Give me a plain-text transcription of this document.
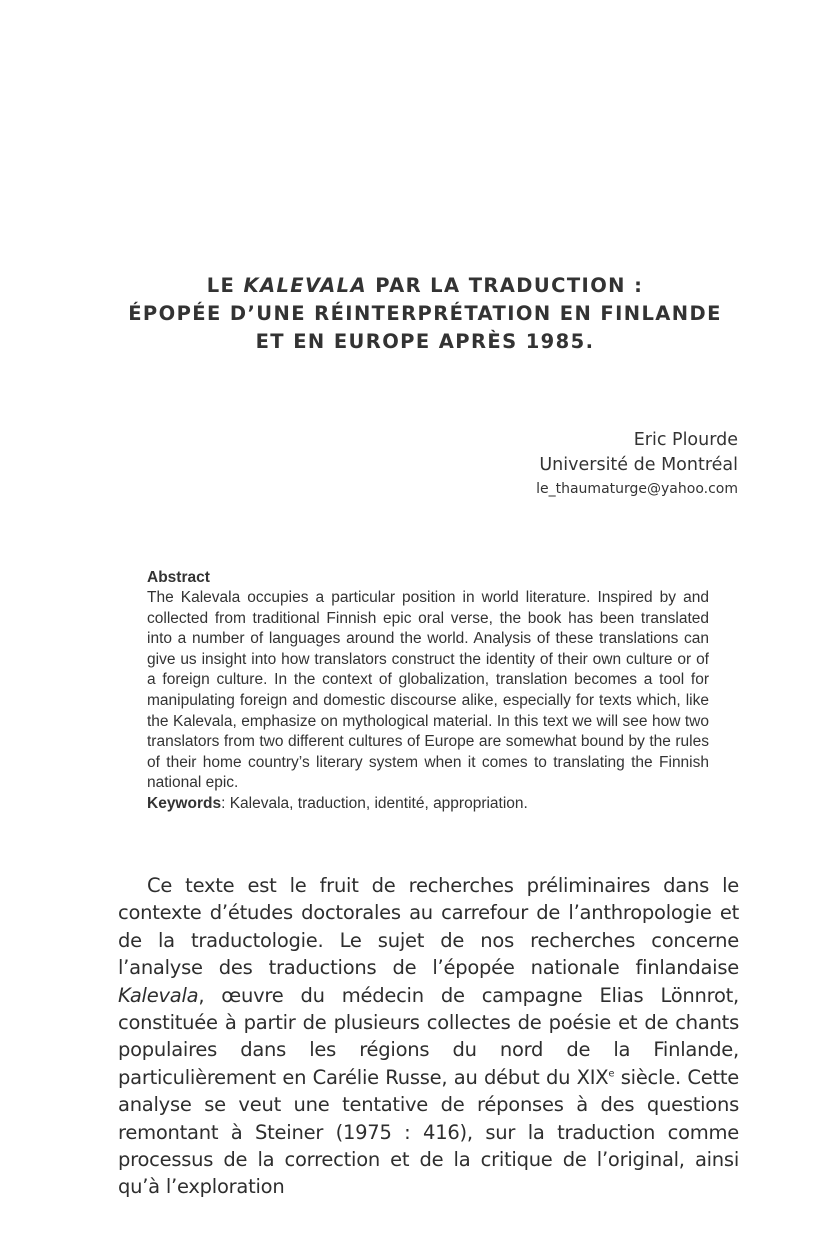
LE KALEVALA PAR LA TRADUCTION :
ÉPOPÉE D’UNE RÉINTERPRÉTATION EN FINLANDE
ET EN EUROPE APRÈS 1985.
Eric Plourde
Université de Montréal
le_thaumaturge@yahoo.com
Abstract
The Kalevala occupies a particular position in world literature. Inspired by and collected from traditional Finnish epic oral verse, the book has been translated into a number of languages around the world. Analysis of these translations can give us insight into how translators construct the identity of their own culture or of a foreign culture. In the context of globalization, translation becomes a tool for manipulating foreign and domestic discourse alike, especially for texts which, like the Kalevala, emphasize on mythological material. In this text we will see how two translators from two different cultures of Europe are somewhat bound by the rules of their home country’s literary system when it comes to translating the Finnish national epic.
Keywords: Kalevala, traduction, identité, appropriation.
Ce texte est le fruit de recherches préliminaires dans le contexte d’études doctorales au carrefour de l’anthropologie et de la traductologie. Le sujet de nos recherches concerne l’analyse des traductions de l’épopée nationale finlandaise Kalevala, œuvre du médecin de campagne Elias Lönnrot, constituée à partir de plusieurs collectes de poésie et de chants populaires dans les régions du nord de la Finlande, particulièrement en Carélie Russe, au début du XIXe siècle. Cette analyse se veut une tentative de réponses à des questions remontant à Steiner (1975 : 416), sur la traduction comme processus de la correction et de la critique de l’original, ainsi qu’à l’exploration
